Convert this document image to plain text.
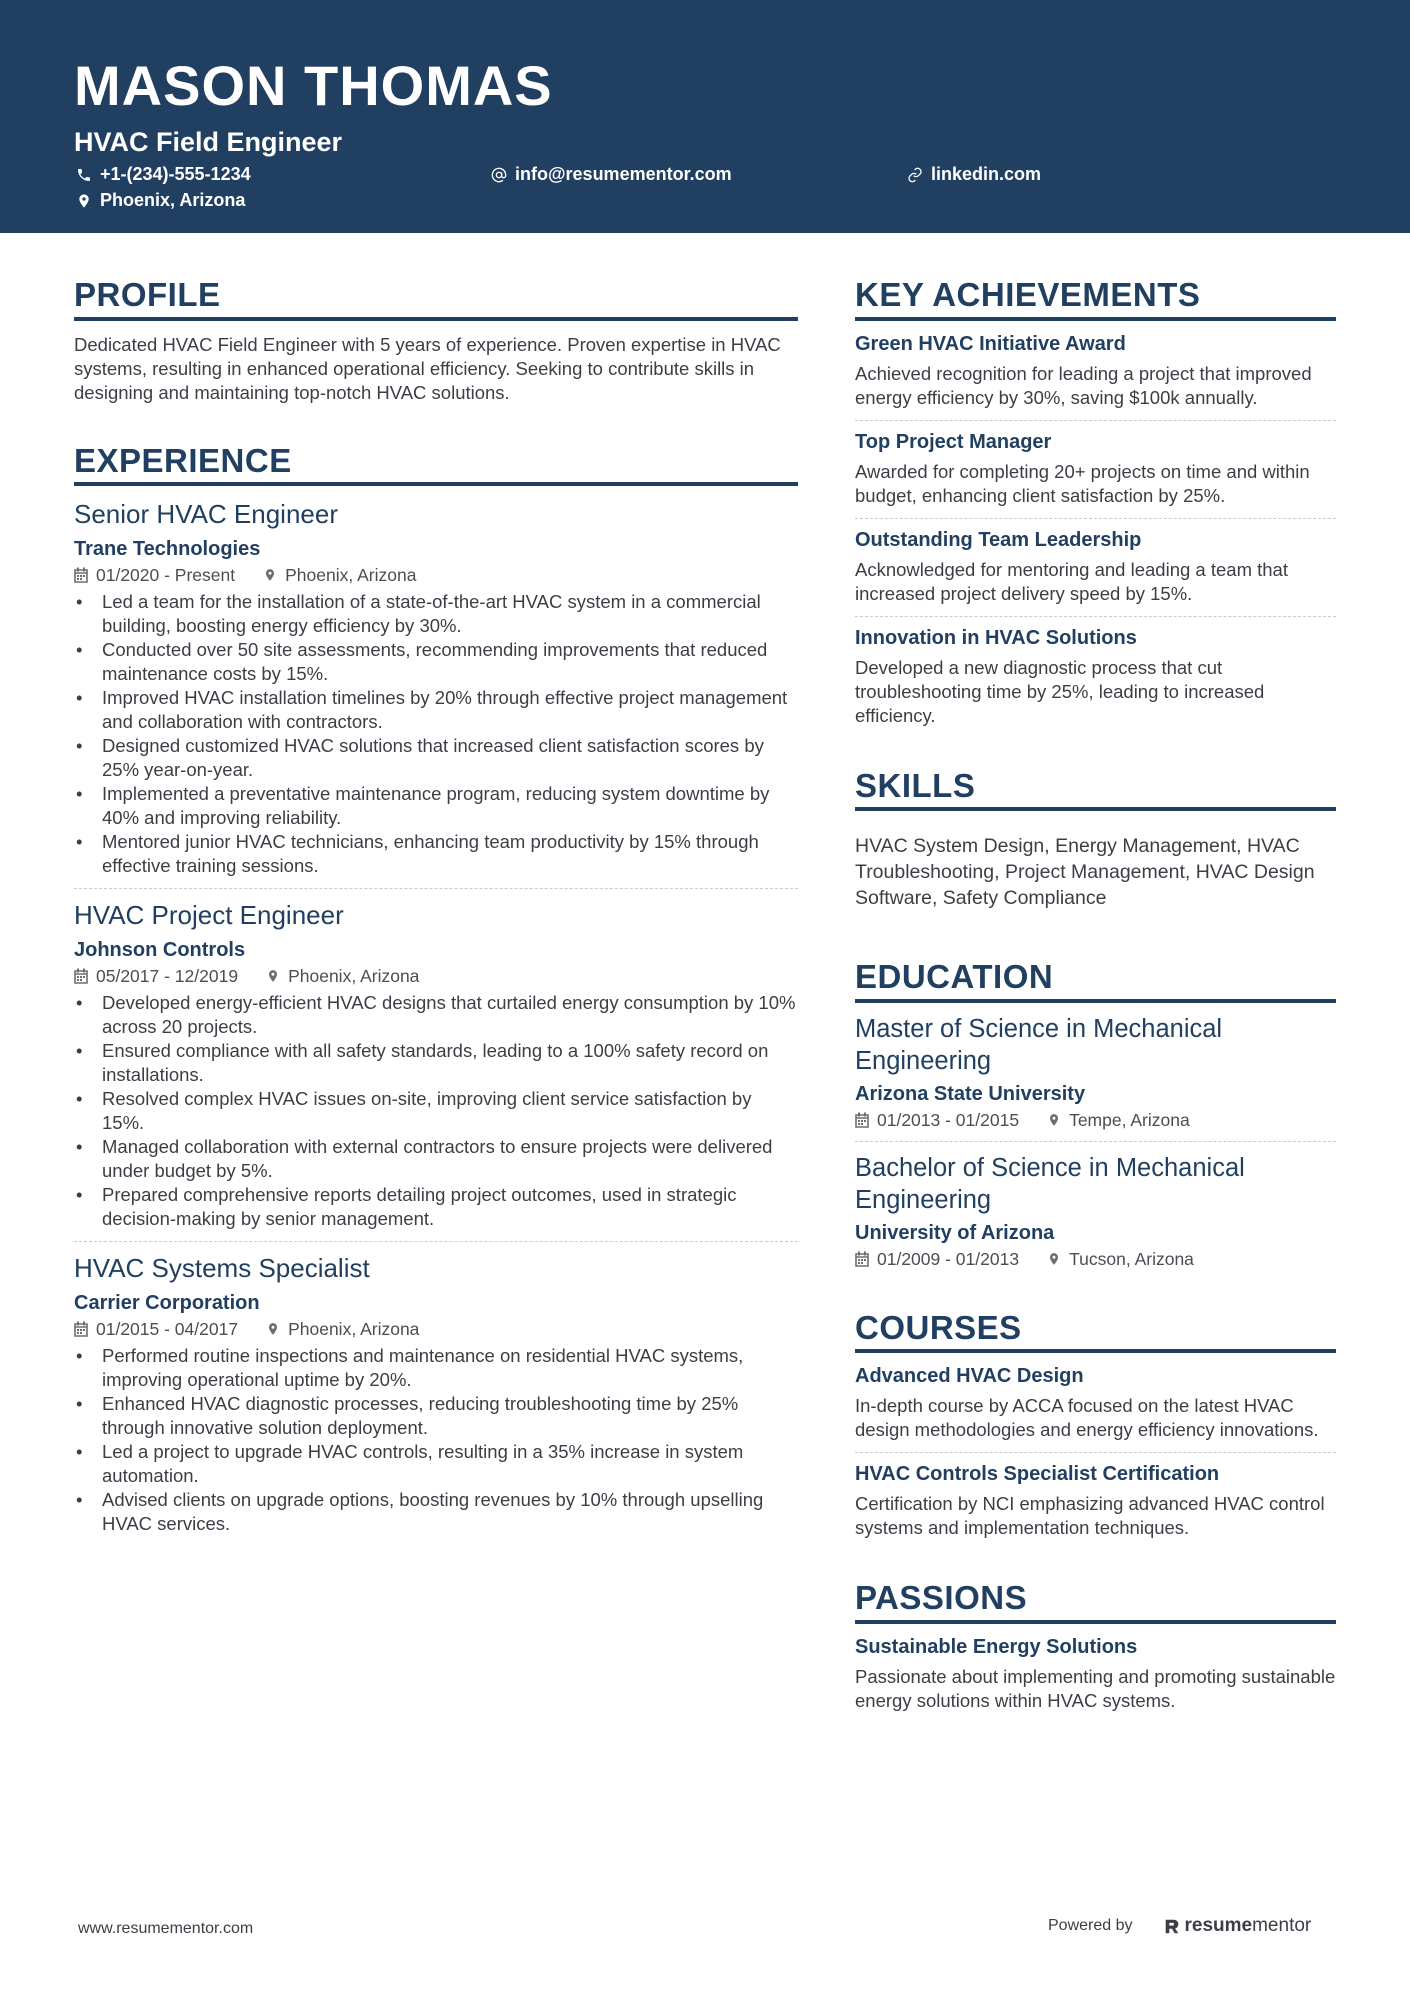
MASON THOMAS
HVAC Field Engineer
+1-(234)-555-1234	info@resumementor.com	linkedin.com
Phoenix, Arizona
PROFILE

Dedicated HVAC Field Engineer with 5 years of experience. Proven expertise in HVAC systems, resulting in enhanced operational efficiency. Seeking to contribute skills in designing and maintaining top-notch HVAC solutions.

EXPERIENCE
Senior HVAC Engineer
Trane Technologies
01/2020 - Present	Phoenix, Arizona
• Led a team for the installation of a state-of-the-art HVAC system in a commercial building, boosting energy efficiency by 30%.
• Conducted over 50 site assessments, recommending improvements that reduced maintenance costs by 15%.
• Improved HVAC installation timelines by 20% through effective project management and collaboration with contractors.
• Designed customized HVAC solutions that increased client satisfaction scores by 25% year-on-year.
• Implemented a preventative maintenance program, reducing system downtime by 40% and improving reliability.
• Mentored junior HVAC technicians, enhancing team productivity by 15% through effective training sessions.
HVAC Project Engineer
Johnson Controls
05/2017 - 12/2019	Phoenix, Arizona
• Developed energy-efficient HVAC designs that curtailed energy consumption by 10% across 20 projects.
• Ensured compliance with all safety standards, leading to a 100% safety record on installations.
• Resolved complex HVAC issues on-site, improving client service satisfaction by 15%.
• Managed collaboration with external contractors to ensure projects were delivered under budget by 5%.
• Prepared comprehensive reports detailing project outcomes, used in strategic decision-making by senior management.
HVAC Systems Specialist
Carrier Corporation
01/2015 - 04/2017	Phoenix, Arizona
• Performed routine inspections and maintenance on residential HVAC systems, improving operational uptime by 20%.
• Enhanced HVAC diagnostic processes, reducing troubleshooting time by 25% through innovative solution deployment.
• Led a project to upgrade HVAC controls, resulting in a 35% increase in system automation.
• Advised clients on upgrade options, boosting revenues by 10% through upselling HVAC services.
KEY ACHIEVEMENTS
Green HVAC Initiative Award

Achieved recognition for leading a project that improved energy efficiency by 30%, saving $100k annually.

Top Project Manager

Awarded for completing 20+ projects on time and within budget, enhancing client satisfaction by 25%.

Outstanding Team Leadership

Acknowledged for mentoring and leading a team that increased project delivery speed by 15%.

Innovation in HVAC Solutions

Developed a new diagnostic process that cut troubleshooting time by 25%, leading to increased efficiency.

SKILLS

HVAC System Design, Energy Management, HVAC Troubleshooting, Project Management, HVAC Design Software, Safety Compliance

EDUCATION
Master of Science in Mechanical Engineering
Arizona State University
01/2013 - 01/2015	Tempe, Arizona
Bachelor of Science in Mechanical Engineering
University of Arizona
01/2009 - 01/2013	Tucson, Arizona
COURSES
Advanced HVAC Design

In-depth course by ACCA focused on the latest HVAC design methodologies and energy efficiency innovations.

HVAC Controls Specialist Certification

Certification by NCI emphasizing advanced HVAC control systems and implementation techniques.

PASSIONS
Sustainable Energy Solutions

Passionate about implementing and promoting sustainable energy solutions within HVAC systems.

www.resumementor.com	Powered by	resumementor
